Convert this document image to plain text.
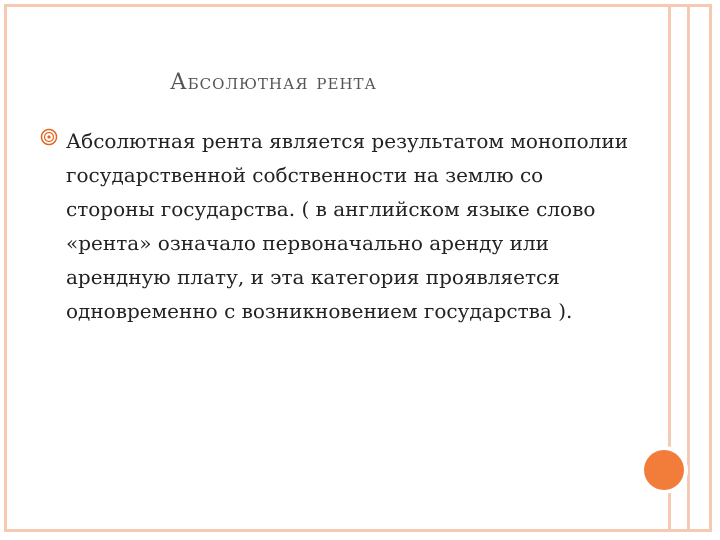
Абсолютная рента
Абсолютная рента является результатом монополии государственной собственности на землю со стороны государства. ( в английском языке слово «рента» означало первоначально аренду или арендную плату, и эта категория проявляется одновременно с возникновением государства ).
